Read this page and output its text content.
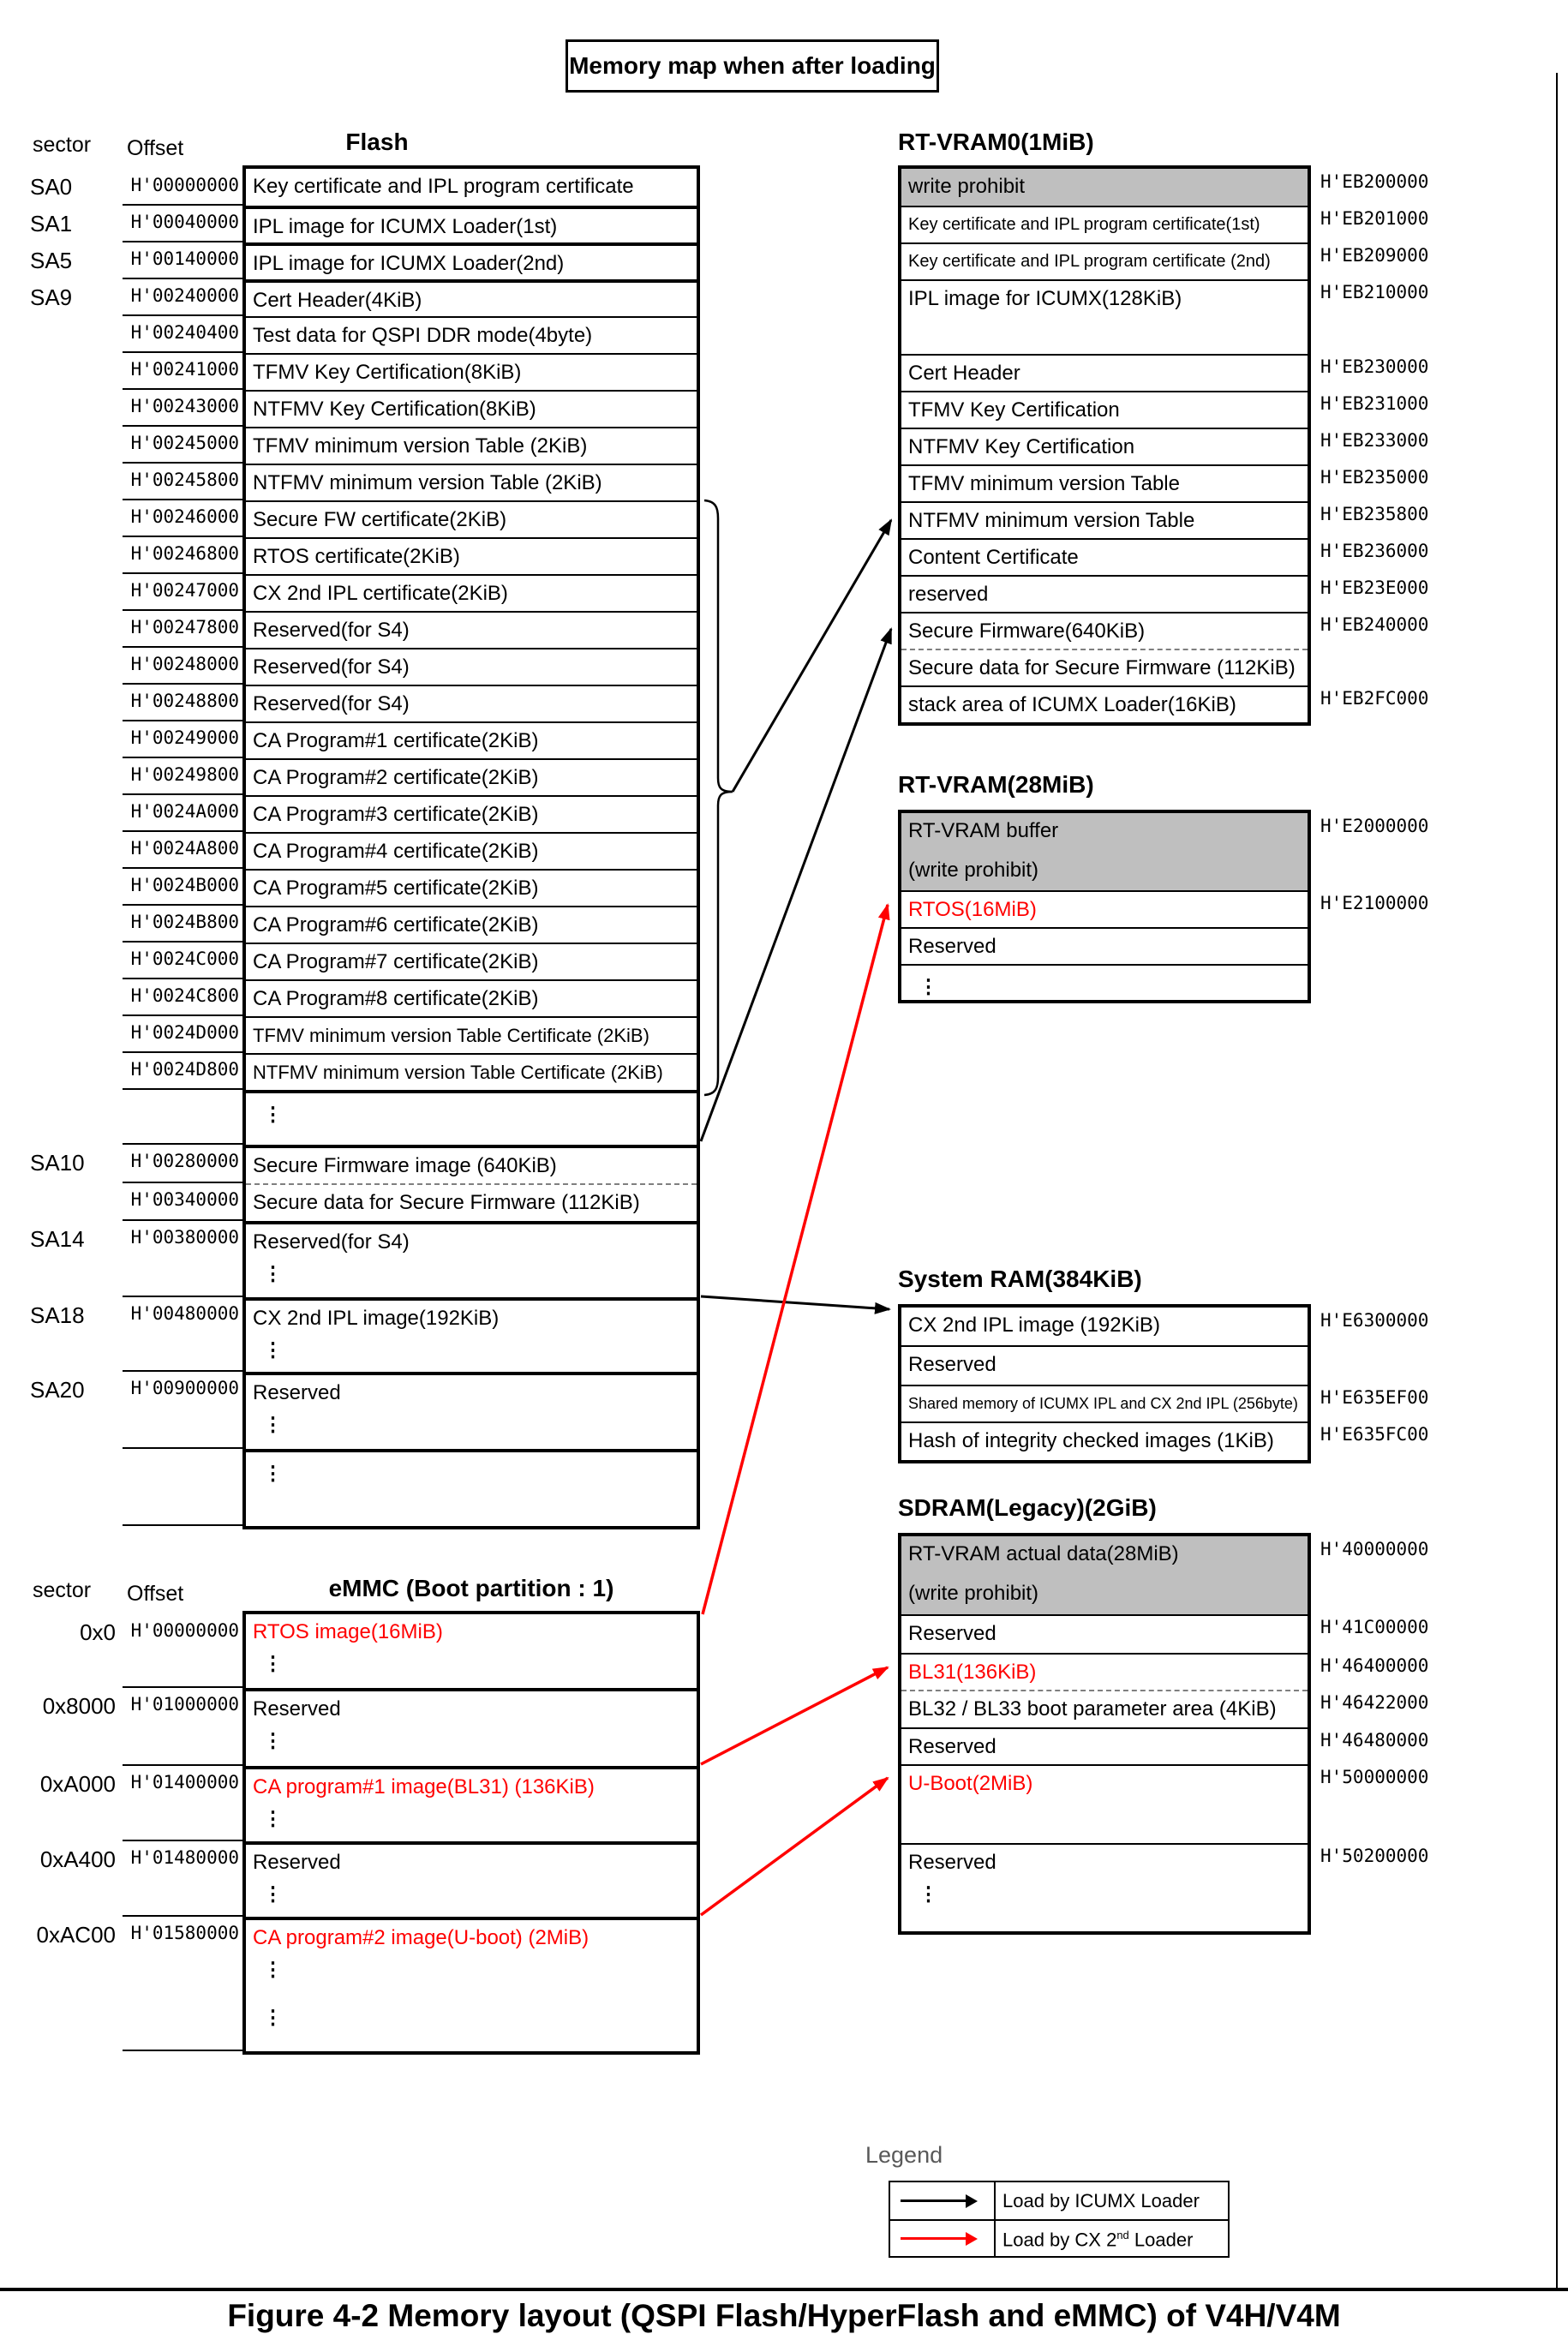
Memory map when after loading
sector Offset	Flash
sector Offset	eMMC (Boot partition : 1)
RT-VRAM0(1MiB)
RT-VRAM(28MiB)
System RAM(384KiB)
SDRAM(Legacy)(2GiB)
Legend
Load by ICUMX Loader
Load by CX 2nd Loader
Figure 4-2 Memory layout (QSPI Flash/HyperFlash and eMMC) of V4H/V4M
Key certificate and IPL program certificate
IPL image for ICUMX Loader(1st)
IPL image for ICUMX Loader(2nd)
Cert Header(4KiB)
Test data for QSPI DDR mode(4byte)
TFMV Key Certification(8KiB)
NTFMV Key Certification(8KiB)
TFMV minimum version Table (2KiB)
NTFMV minimum version Table (2KiB)
Secure FW certificate(2KiB)
RTOS certificate(2KiB)
CX 2nd IPL certificate(2KiB)
Reserved(for S4)
Reserved(for S4)
Reserved(for S4)
CA Program#1 certificate(2KiB)
CA Program#2 certificate(2KiB)
CA Program#3 certificate(2KiB)
CA Program#4 certificate(2KiB)
CA Program#5 certificate(2KiB)
CA Program#6 certificate(2KiB)
CA Program#7 certificate(2KiB)
CA Program#8 certificate(2KiB)
TFMV minimum version Table Certificate (2KiB)
NTFMV minimum version Table Certificate (2KiB)
⋮
Secure Firmware image (640KiB)
Secure data for Secure Firmware (112KiB)
Reserved(for S4)
⋮
CX 2nd IPL image(192KiB)
⋮
Reserved
⋮
⋮
H'00000000
H'00040000
H'00140000
H'00240000
H'00240400
H'00241000
H'00243000
H'00245000
H'00245800
H'00246000
H'00246800
H'00247000
H'00247800
H'00248000
H'00248800
H'00249000
H'00249800
H'0024A000
H'0024A800
H'0024B000
H'0024B800
H'0024C000
H'0024C800
H'0024D000
H'0024D800
H'00280000
H'00340000
H'00380000
H'00480000
H'00900000
SA0
SA1
SA5
SA9
SA10
SA14
SA18
SA20
RTOS image(16MiB)
⋮
Reserved
⋮
CA program#1 image(BL31) (136KiB)
⋮
Reserved
⋮
CA program#2 image(U-boot) (2MiB)
⋮
⋮
H'00000000
H'01000000
H'01400000
H'01480000
H'01580000
0x0
0x8000
0xA000
0xA400
0xAC00
write prohibit
Key certificate and IPL program certificate(1st)
Key certificate and IPL program certificate (2nd)
IPL image for ICUMX(128KiB)
Cert Header
TFMV Key Certification
NTFMV Key Certification
TFMV minimum version Table
NTFMV minimum version Table
Content Certificate
reserved
Secure Firmware(640KiB)
Secure data for Secure Firmware (112KiB)
stack area of ICUMX Loader(16KiB)
H'EB200000
H'EB201000
H'EB209000
H'EB210000
H'EB230000
H'EB231000
H'EB233000
H'EB235000
H'EB235800
H'EB236000
H'EB23E000
H'EB240000
H'EB2FC000
RT-VRAM buffer
(write prohibit)
RTOS(16MiB)
Reserved
⋮
H'E2000000
H'E2100000
CX 2nd IPL image (192KiB)
Reserved
Shared memory of ICUMX IPL and CX 2nd IPL (256byte)
Hash of integrity checked images (1KiB)
H'E6300000
H'E635EF00
H'E635FC00
RT-VRAM actual data(28MiB)
(write prohibit)
Reserved
BL31(136KiB)
BL32 / BL33 boot parameter area (4KiB)
Reserved
U-Boot(2MiB)
Reserved
⋮
H'40000000
H'41C00000
H'46400000
H'46422000
H'46480000
H'50000000
H'50200000
